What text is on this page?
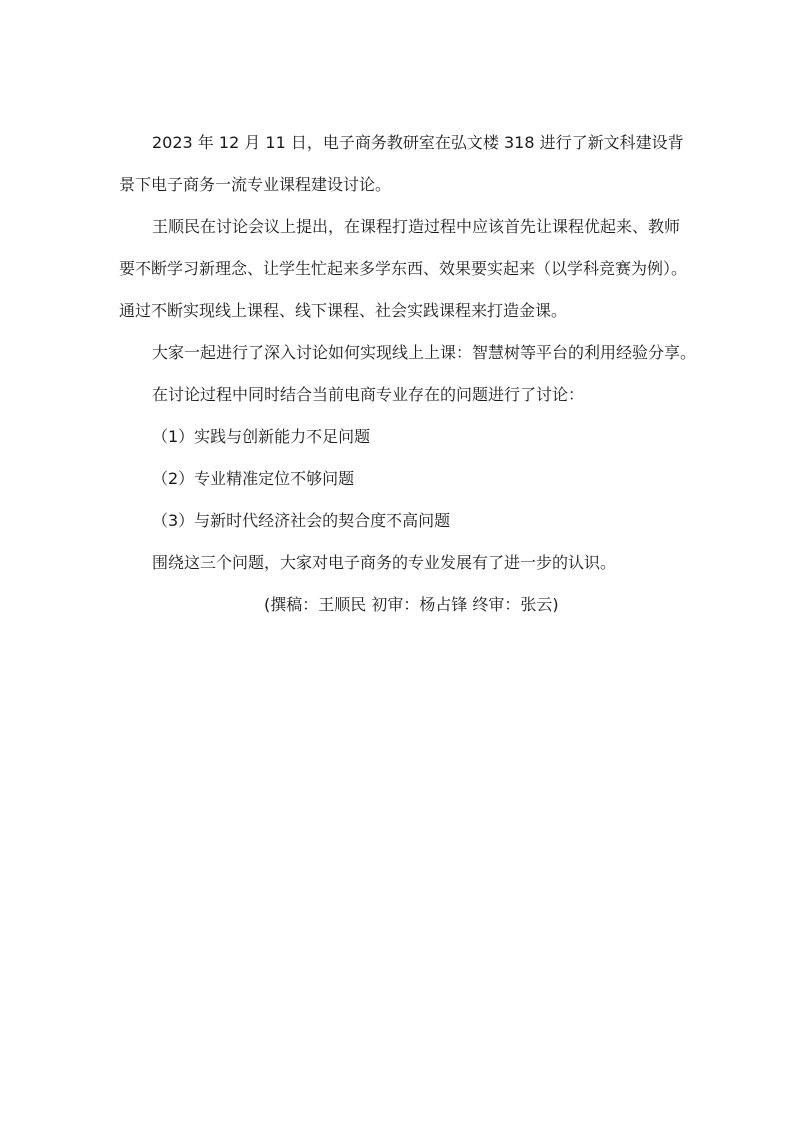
2023 年 12 月 11 日，电子商务教研室在弘文楼 318 进行了新文科建设背

景下电子商务一流专业课程建设讨论。

王顺民在讨论会议上提出，在课程打造过程中应该首先让课程优起来、教师

要不断学习新理念、让学生忙起来多学东西、效果要实起来（以学科竞赛为例）。

通过不断实现线上课程、线下课程、社会实践课程来打造金课。

大家一起进行了深入讨论如何实现线上上课：智慧树等平台的利用经验分享。

在讨论过程中同时结合当前电商专业存在的问题进行了讨论：

（1）实践与创新能力不足问题

（2）专业精准定位不够问题

（3）与新时代经济社会的契合度不高问题

围绕这三个问题，大家对电子商务的专业发展有了进一步的认识。

(撰稿：王顺民 初审：杨占锋 终审：张云)
